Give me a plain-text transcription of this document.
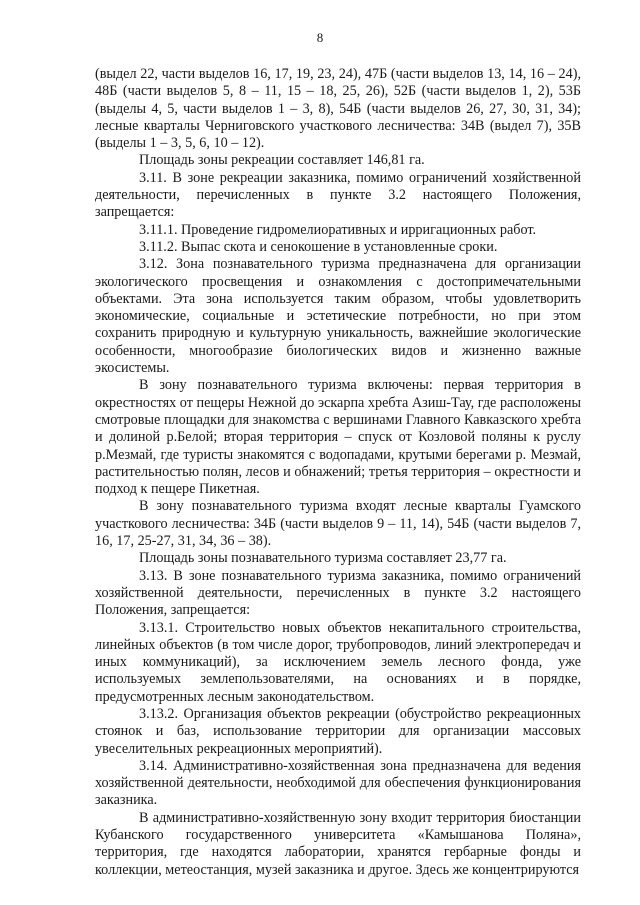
8

(выдел 22, части выделов 16, 17, 19, 23, 24), 47Б (части выделов 13, 14, 16 – 24), 48Б (части выделов 5, 8 – 11, 15 – 18, 25, 26), 52Б (части выделов 1, 2), 53Б (выделы 4, 5, части выделов 1 – 3, 8), 54Б (части выделов 26, 27, 30, 31, 34); лесные кварталы Черниговского участкового лесничества: 34В (выдел 7), 35В (выделы 1 – 3, 5, 6, 10 – 12).

Площадь зоны рекреации составляет 146,81 га.

3.11. В зоне рекреации заказника, помимо ограничений хозяйственной деятельности, перечисленных в пункте 3.2 настоящего Положения, запрещается:

3.11.1. Проведение гидромелиоративных и ирригационных работ.

3.11.2. Выпас скота и сенокошение в установленные сроки.

3.12. Зона познавательного туризма предназначена для организации экологического просвещения и ознакомления с достопримечательными объектами. Эта зона используется таким образом, чтобы удовлетворить экономические, социальные и эстетические потребности, но при этом сохранить природную и культурную уникальность, важнейшие экологические особенности, многообразие биологических видов и жизненно важные экосистемы.

В зону познавательного туризма включены: первая территория в окрестностях от пещеры Нежной до эскарпа хребта Азиш-Тау, где расположены смотровые площадки для знакомства с вершинами Главного Кавказского хребта и долиной р.Белой; вторая территория – спуск от Козловой поляны к руслу р.Мезмай, где туристы знакомятся с водопадами, крутыми берегами р. Мезмай, растительностью полян, лесов и обнажений; третья территория – окрестности и подход к пещере Пикетная.

В зону познавательного туризма входят лесные кварталы Гуамского участкового лесничества: 34Б (части выделов 9 – 11, 14), 54Б (части выделов 7, 16, 17, 25-27, 31, 34, 36 – 38).

Площадь зоны познавательного туризма составляет 23,77 га.

3.13. В зоне познавательного туризма заказника, помимо ограничений хозяйственной деятельности, перечисленных в пункте 3.2 настоящего Положения, запрещается:

3.13.1. Строительство новых объектов некапитального строительства, линейных объектов (в том числе дорог, трубопроводов, линий электропередач и иных коммуникаций), за исключением земель лесного фонда, уже используемых землепользователями, на основаниях и в порядке, предусмотренных лесным законодательством.

3.13.2. Организация объектов рекреации (обустройство рекреационных стоянок и баз, использование территории для организации массовых увеселительных рекреационных мероприятий).

3.14. Административно-хозяйственная зона предназначена для ведения хозяйственной деятельности, необходимой для обеспечения функционирования заказника.

В административно-хозяйственную зону входит территория биостанции Кубанского государственного университета «Камышанова Поляна», территория, где находятся лаборатории, хранятся гербарные фонды и коллекции, метеостанция, музей заказника и другое. Здесь же концентрируются
